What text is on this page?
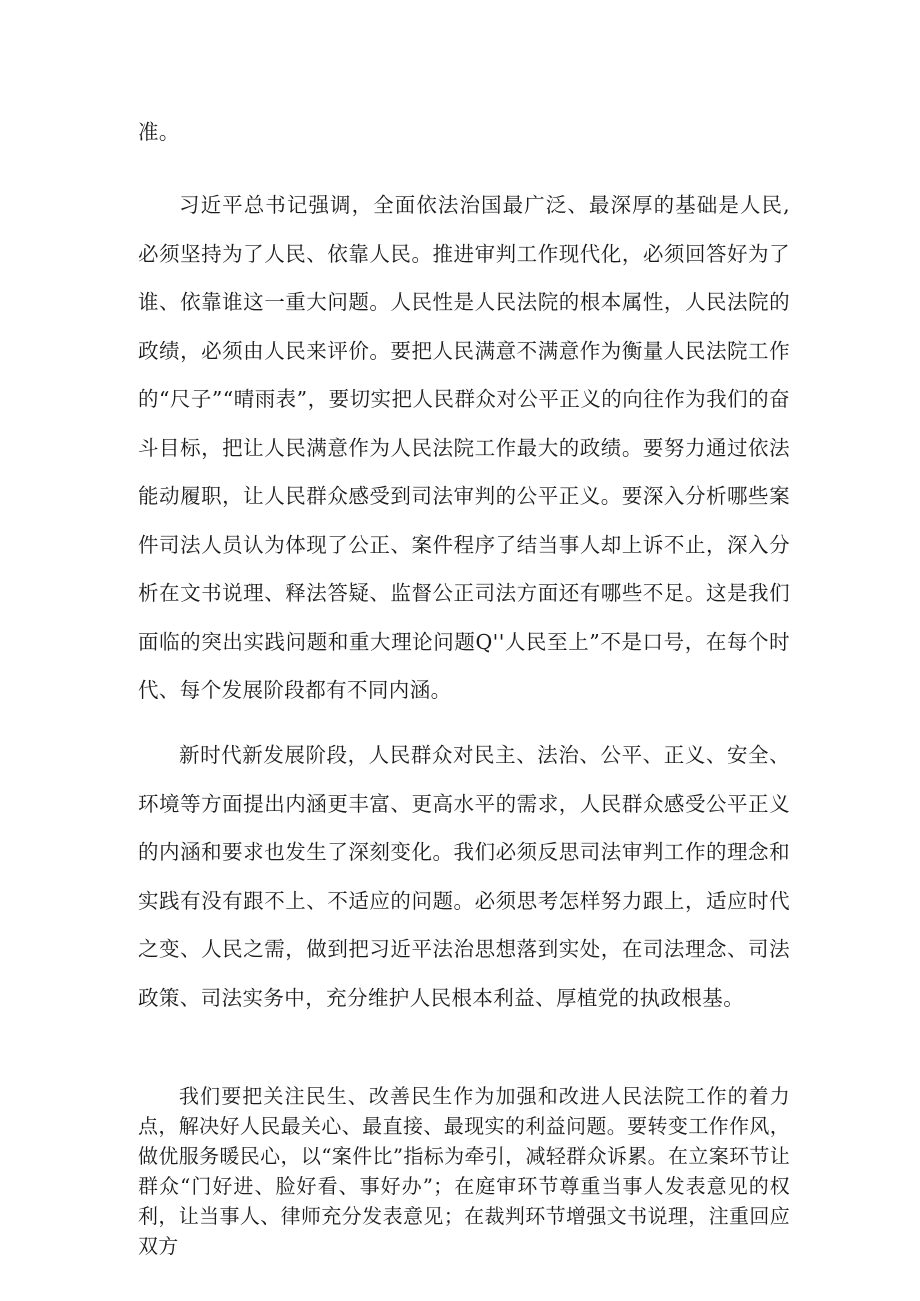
准。

习近平总书记强调，全面依法治国最广泛、最深厚的基础是人民,必须坚持为了人民、依靠人民。推进审判工作现代化，必须回答好为了谁、依靠谁这一重大问题。人民性是人民法院的根本属性，人民法院的政绩，必须由人民来评价。要把人民满意不满意作为衡量人民法院工作的“尺子”“晴雨表”，要切实把人民群众对公平正义的向往作为我们的奋斗目标，把让人民满意作为人民法院工作最大的政绩。要努力通过依法能动履职，让人民群众感受到司法审判的公平正义。要深入分析哪些案件司法人员认为体现了公正、案件程序了结当事人却上诉不止，深入分析在文书说理、释法答疑、监督公正司法方面还有哪些不足。这是我们面临的突出实践问题和重大理论问题Q''人民至上”不是口号，在每个时代、每个发展阶段都有不同内涵。

新时代新发展阶段，人民群众对民主、法治、公平、正义、安全、环境等方面提出内涵更丰富、更高水平的需求，人民群众感受公平正义的内涵和要求也发生了深刻变化。我们必须反思司法审判工作的理念和实践有没有跟不上、不适应的问题。必须思考怎样努力跟上，适应时代之变、人民之需，做到把习近平法治思想落到实处，在司法理念、司法政策、司法实务中，充分维护人民根本利益、厚植党的执政根基。

我们要把关注民生、改善民生作为加强和改进人民法院工作的着力点，解决好人民最关心、最直接、最现实的利益问题。要转变工作作风，做优服务暖民心，以“案件比”指标为牵引，减轻群众诉累。在立案环节让群众“门好进、脸好看、事好办”；在庭审环节尊重当事人发表意见的权利，让当事人、律师充分发表意见；在裁判环节增强文书说理，注重回应双方
